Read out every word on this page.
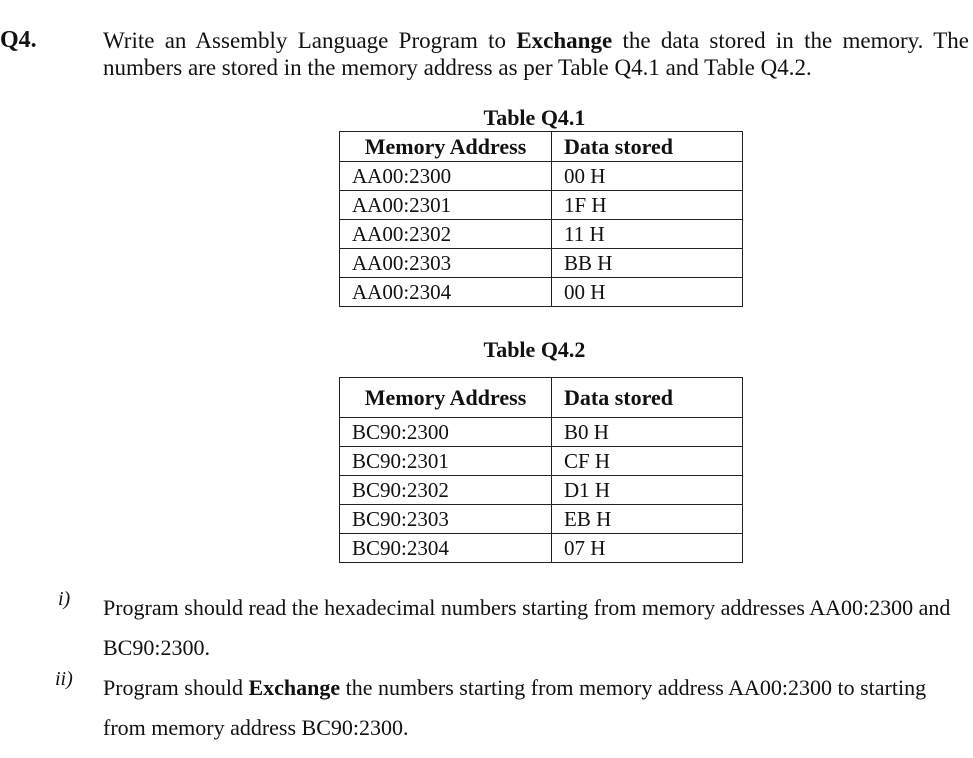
Q4.	Write an Assembly Language Program to Exchange the data stored in the memory. The numbers are stored in the memory address as per Table Q4.1 and Table Q4.2.
Table Q4.1
Memory Address	Data stored
AA00:2300	00 H
AA00:2301	1F H
AA00:2302	11 H
AA00:2303	BB H
AA00:2304	00 H
Table Q4.2
Memory Address	Data stored
BC90:2300	B0 H
BC90:2301	CF H
BC90:2302	D1 H
BC90:2303	EB H
BC90:2304	07 H
i) Program should read the hexadecimal numbers starting from memory addresses AA00:2300 and BC90:2300.
ii) Program should Exchange the numbers starting from memory address AA00:2300 to starting from memory address BC90:2300.
